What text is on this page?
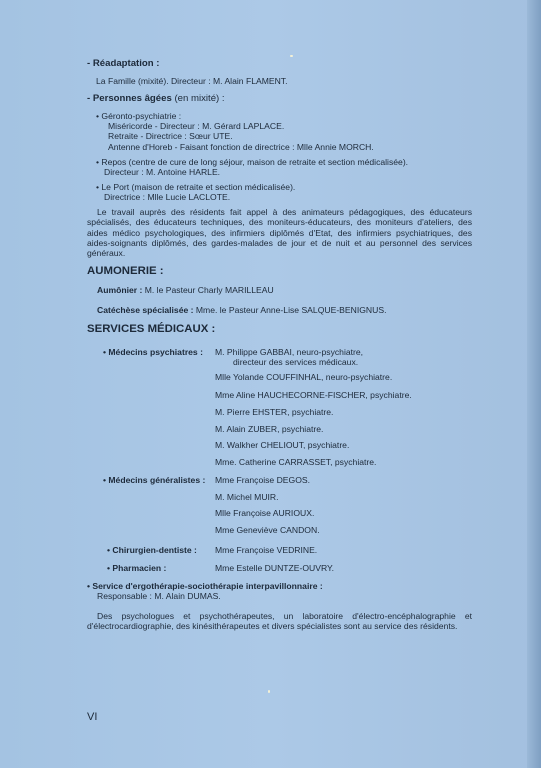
- Réadaptation :
La Famille (mixité). Directeur : M. Alain FLAMENT.
- Personnes âgées (en mixité) :
• Géronto-psychiatrie :
Miséricorde - Directeur : M. Gérard LAPLACE.
Retraite - Directrice : Sœur UTE.
Antenne d'Horeb - Faisant fonction de directrice : Mlle Annie MORCH.
• Repos (centre de cure de long séjour, maison de retraite et section médicalisée).
Directeur : M. Antoine HARLE.
• Le Port (maison de retraite et section médicalisée).
Directrice : Mlle Lucie LACLOTE.
Le travail auprès des résidents fait appel à des animateurs pédagogiques, des éducateurs spécialisés, des éducateurs techniques, des moniteurs-éducateurs, des moniteurs d'ateliers, des aides médico psychologiques, des infirmiers diplômés d'Etat, des infirmiers psychiatriques, des aides-soignants diplômés, des gardes-malades de jour et de nuit et au personnel des services généraux.
AUMONERIE :
Aumônier : M. le Pasteur Charly MARILLEAU
Catéchèse spécialisée : Mme. le Pasteur Anne-Lise SALQUE-BENIGNUS.
SERVICES MÉDICAUX :
• Médecins psychiatres : M. Philippe GABBAI, neuro-psychiatre,
directeur des services médicaux.
Mlle Yolande COUFFINHAL, neuro-psychiatre.
Mme Aline HAUCHECORNE-FISCHER, psychiatre.
M. Pierre EHSTER, psychiatre.
M. Alain ZUBER, psychiatre.
M. Walkher CHELIOUT, psychiatre.
Mme. Catherine CARRASSET, psychiatre.
• Médecins généralistes : Mme Françoise DEGOS.
M. Michel MUIR.
Mlle Françoise AURIOUX.
Mme Geneviève CANDON.
• Chirurgien-dentiste : Mme Françoise VEDRINE.
• Pharmacien :	Mme Estelle DUNTZE-OUVRY.
• Service d'ergothérapie-sociothérapie interpavillonnaire :
Responsable : M. Alain DUMAS.
Des psychologues et psychothérapeutes, un laboratoire d'électro-encéphalographie et d'électrocardiographie, des kinésithérapeutes et divers spécialistes sont au service des résidents.
VI
